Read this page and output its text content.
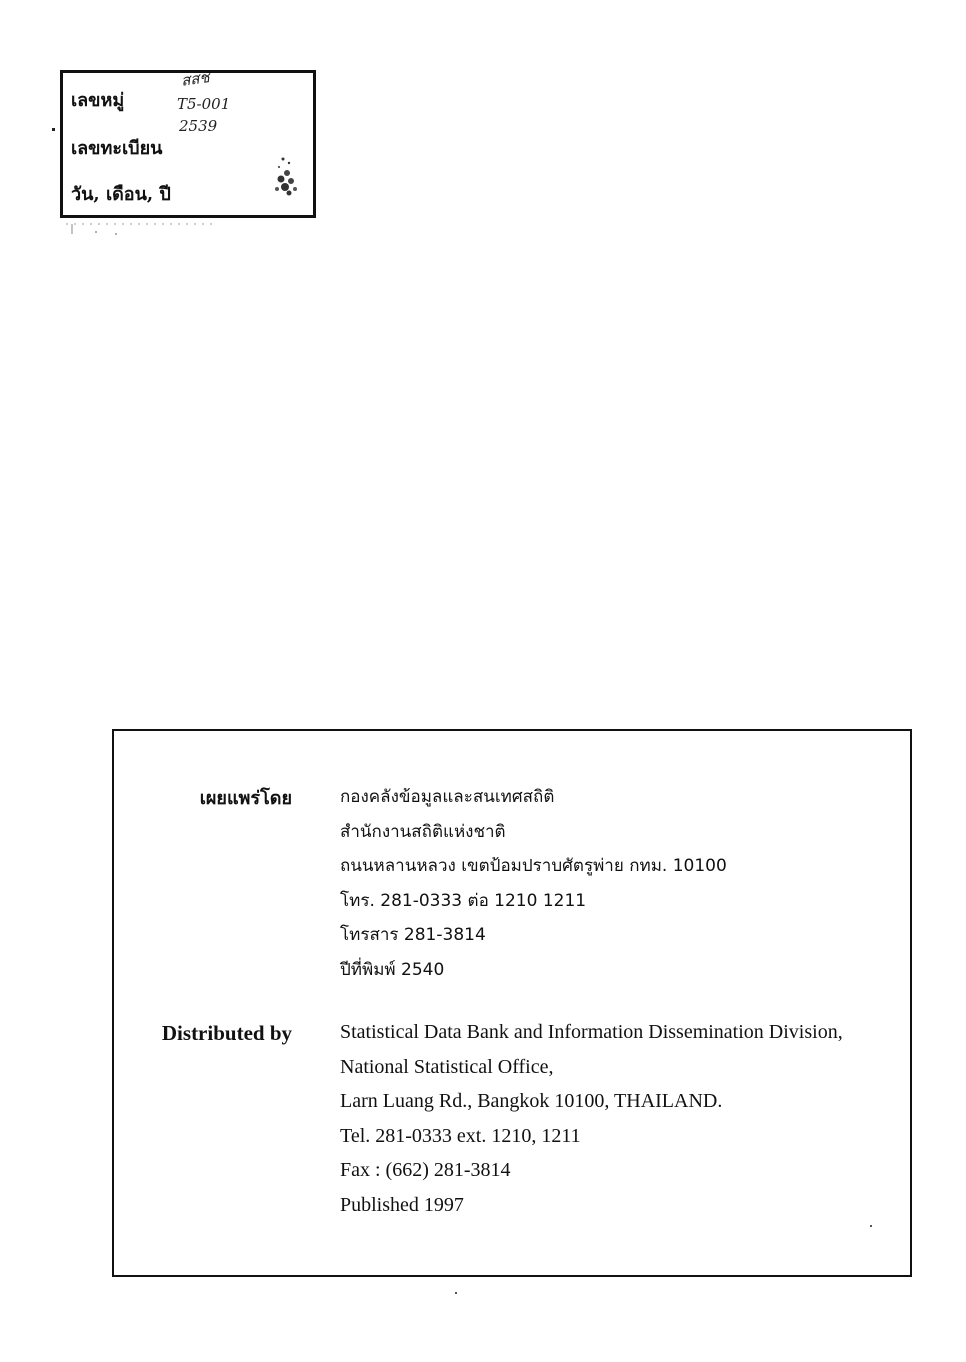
เลขหมู่
เลขทะเบียน
วัน, เดือน, ปี
สสช
T5-001
2539
เผยแพร่โดย	กองคลังข้อมูลและสนเทศสถิติ
สำนักงานสถิติแห่งชาติ
ถนนหลานหลวง เขตป้อมปราบศัตรูพ่าย กทม. 10100
โทร. 281-0333 ต่อ 1210 1211
โทรสาร 281-3814
ปีที่พิมพ์ 2540
Distributed by Statistical Data Bank and Information Dissemination Division,
National Statistical Office,
Larn Luang Rd., Bangkok 10100, THAILAND.
Tel. 281-0333 ext. 1210, 1211
Fax : (662) 281-3814
Published 1997
